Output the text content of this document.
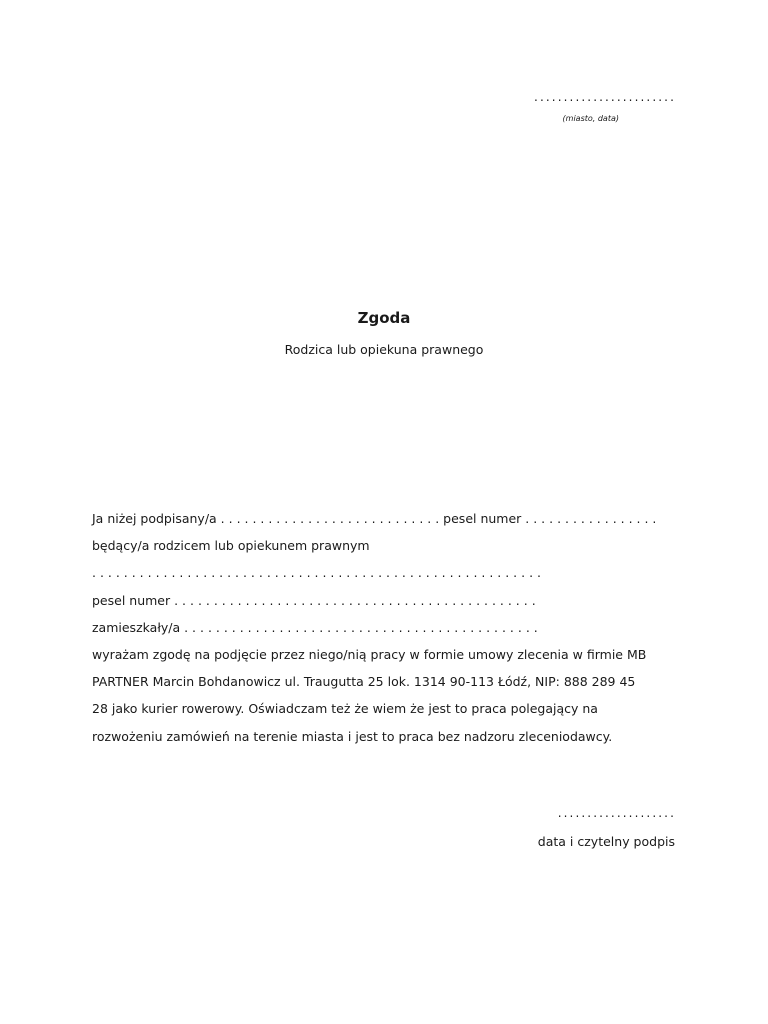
........................
(miasto, data)
Zgoda
Rodzica lub opiekuna prawnego
Ja niżej podpisany/a . . . . . . . . . . . . . . . . . . . . . . . . . . . . pesel numer . . . . . . . . . . . . . . . . .
będący/a rodzicem lub opiekunem prawnym
. . . . . . . . . . . . . . . . . . . . . . . . . . . . . . . . . . . . . . . . . . . . . . . . . . . . . . . . .
pesel numer . . . . . . . . . . . . . . . . . . . . . . . . . . . . . . . . . . . . . . . . . . . . . .
zamieszkały/a . . . . . . . . . . . . . . . . . . . . . . . . . . . . . . . . . . . . . . . . . . . . .
wyrażam zgodę na podjęcie przez niego/nią pracy w formie umowy zlecenia w firmie MB
PARTNER Marcin Bohdanowicz ul. Traugutta 25 lok. 1314 90-113 Łódź, NIP: 888 289 45
28 jako kurier rowerowy. Oświadczam też że wiem że jest to praca polegający na
rozwożeniu zamówień na terenie miasta i jest to praca bez nadzoru zleceniodawcy.
....................
data i czytelny podpis
